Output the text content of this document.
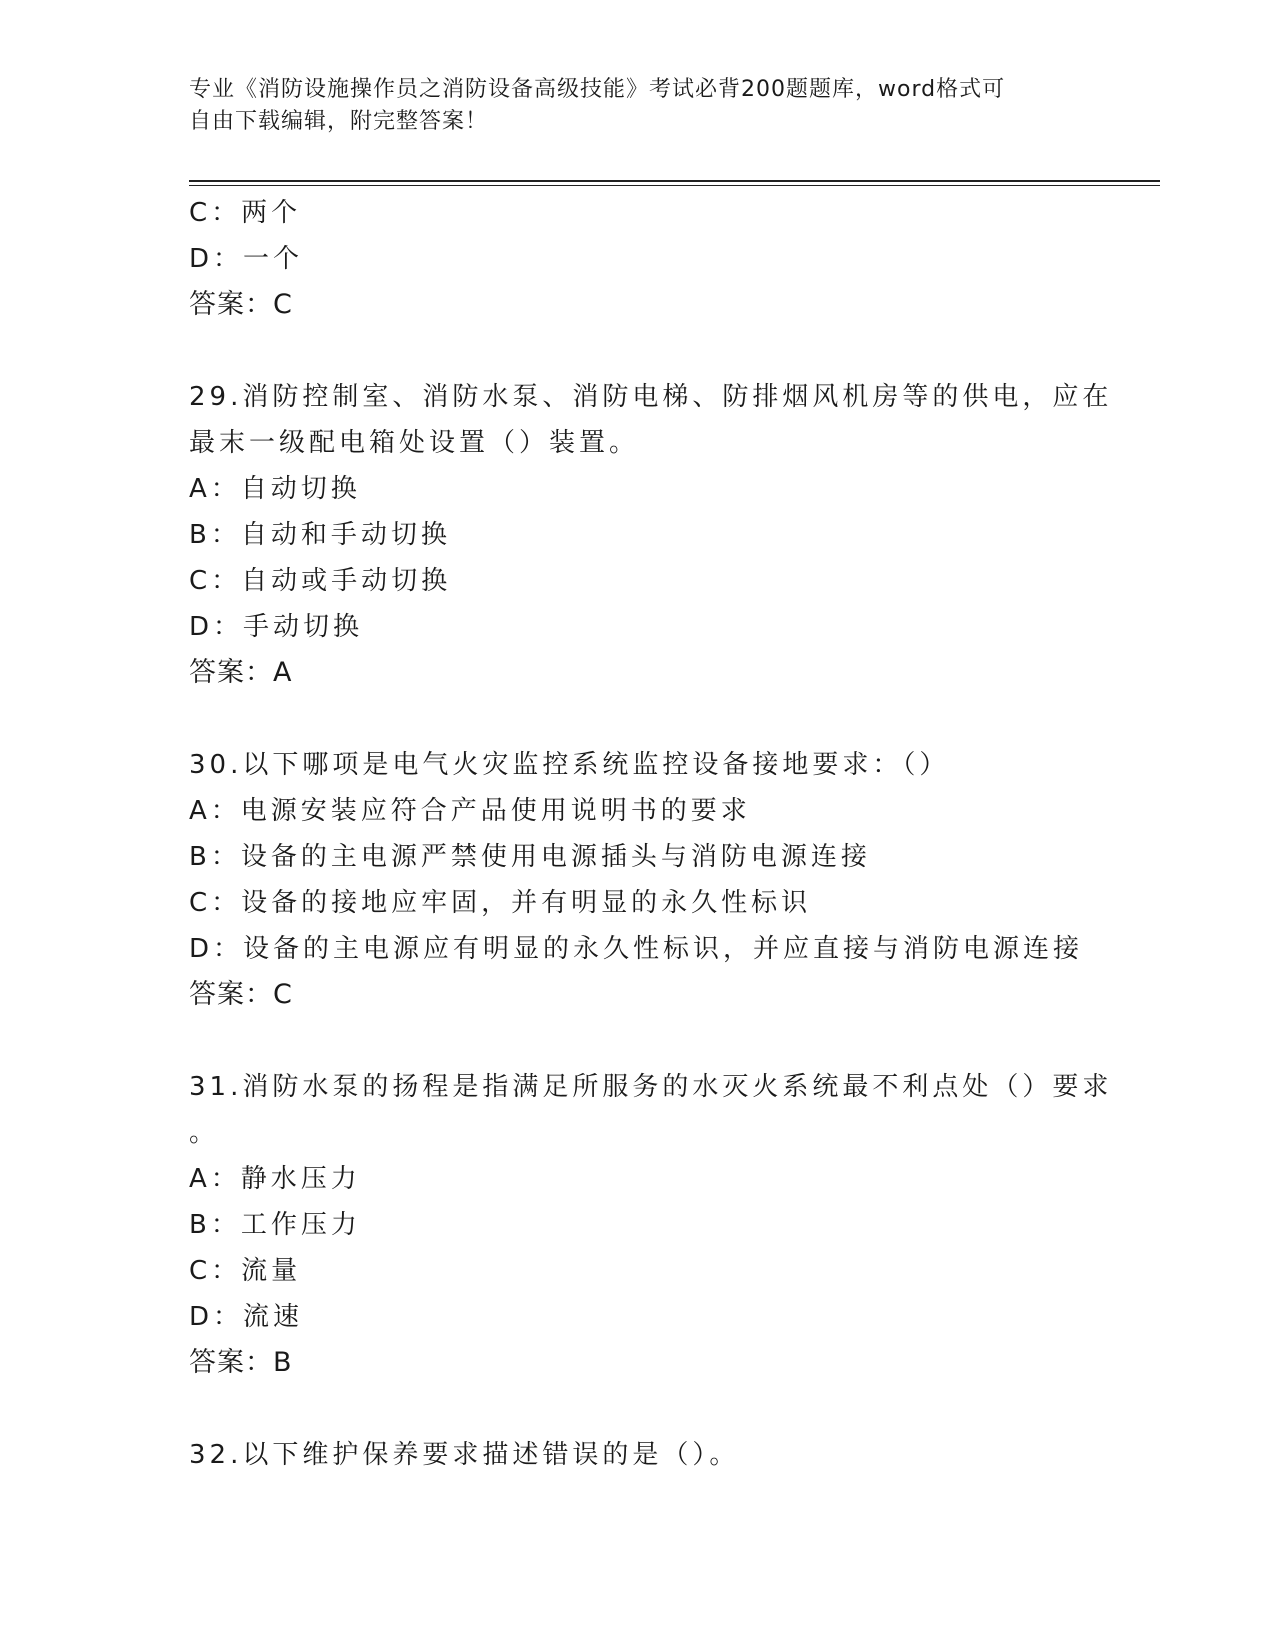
专业《消防设施操作员之消防设备高级技能》考试必背200题题库，word格式可
自由下载编辑，附完整答案！
C：两个
D：一个
答案：C
29.消防控制室、消防水泵、消防电梯、防排烟风机房等的供电，应在
最末一级配电箱处设置（）装置。
A：自动切换
B：自动和手动切换
C：自动或手动切换
D：手动切换
答案：A
30.以下哪项是电气火灾监控系统监控设备接地要求：（）
A：电源安装应符合产品使用说明书的要求
B：设备的主电源严禁使用电源插头与消防电源连接
C：设备的接地应牢固，并有明显的永久性标识
D：设备的主电源应有明显的永久性标识，并应直接与消防电源连接
答案：C
31.消防水泵的扬程是指满足所服务的水灭火系统最不利点处（）要求
。
A：静水压力
B：工作压力
C：流量
D：流速
答案：B
32.以下维护保养要求描述错误的是（）。
